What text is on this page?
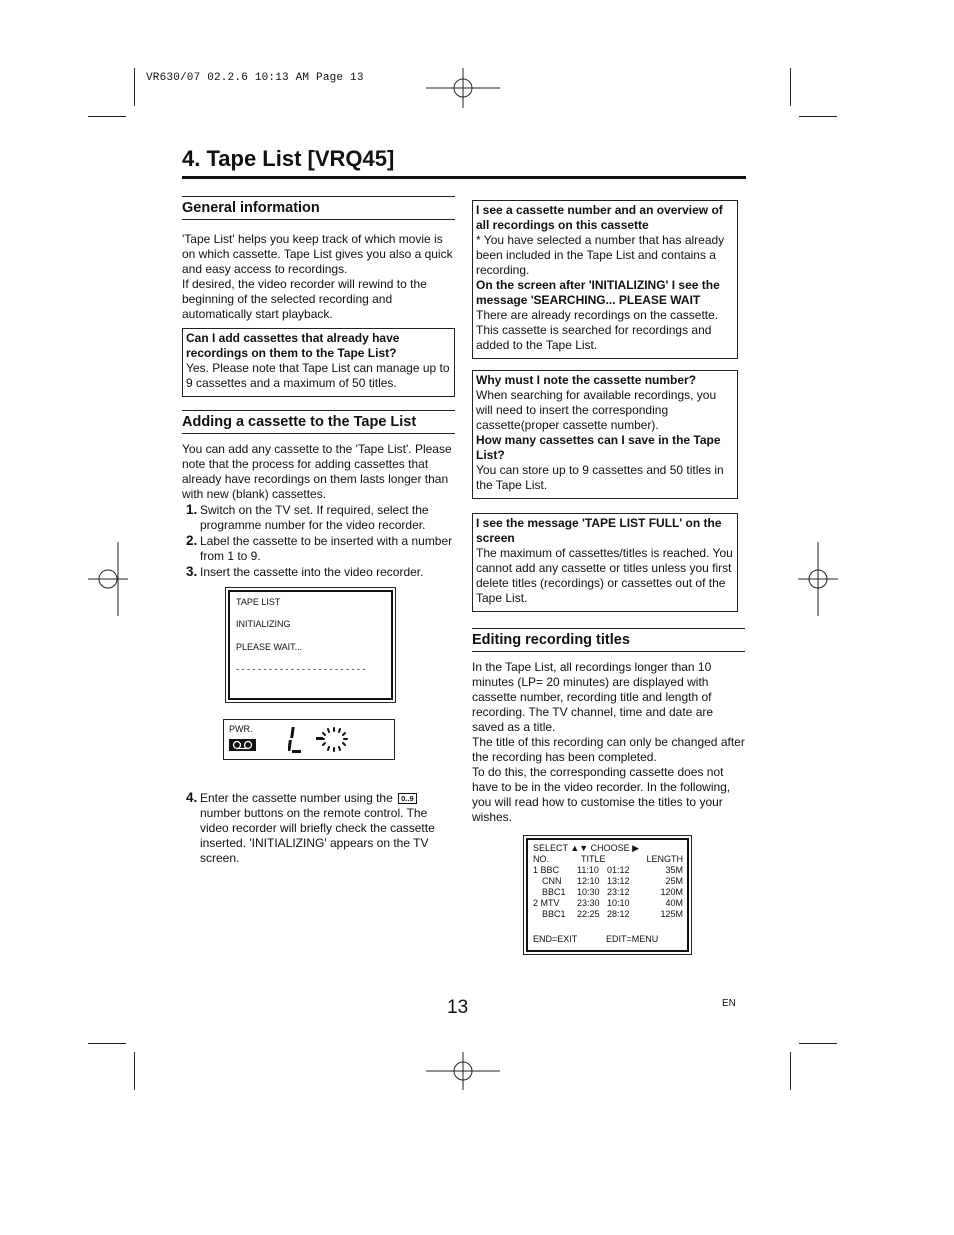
VR630/07 02.2.6 10:13 AM Page 13
4. Tape List [VRQ45]
General information

'Tape List' helps you keep track of which movie is on which cassette. Tape List gives you also a quick and easy access to recordings.

If desired, the video recorder will rewind to the beginning of the selected recording and automatically start playback.

Can I add cassettes that already have recordings on them to the Tape List?
Yes. Please note that Tape List can manage up to 9 cassettes and a maximum of 50 titles.
Adding a cassette to the Tape List

You can add any cassette to the 'Tape List'. Please note that the process for adding cassettes that already have recordings on them lasts longer than with new (blank) cassettes.

1. Switch on the TV set. If required, select the programme number for the video recorder.

2. Label the cassette to be inserted with a number from 1 to 9.

3. Insert the cassette into the video recorder.

TAPE LIST
INITIALIZING
PLEASE WAIT...
- - - - - - - - - - - - - - - - - - - - - - - -
PWR.

4. Enter the cassette number using the 0..9 number buttons on the remote control. The video recorder will briefly check the cassette inserted. 'INITIALIZING' appears on the TV screen.

I see a cassette number and an overview of all recordings on this cassette
* You have selected a number that has already been included in the Tape List and contains a recording.
On the screen after 'INITIALIZING' I see the message 'SEARCHING... PLEASE WAIT
There are already recordings on the cassette. This cassette is searched for recordings and added to the Tape List.
Why must I note the cassette number?
When searching for available recordings, you will need to insert the corresponding cassette(proper cassette number).
How many cassettes can I save in the Tape List?
You can store up to 9 cassettes and 50 titles in the Tape List.
I see the message 'TAPE LIST FULL' on the screen
The maximum of cassettes/titles is reached. You cannot add any cassette or titles unless you first delete titles (recordings) or cassettes out of the Tape List.
Editing recording titles

In the Tape List, all recordings longer than 10 minutes (LP= 20 minutes) are displayed with cassette number, recording title and length of recording. The TV channel, time and date are saved as a title.

The title of this recording can only be changed after the recording has been completed.

To do this, the corresponding cassette does not have to be in the video recorder. In the following, you will read how to customise the titles to your wishes.

SELECT ▲▼ CHOOSE ▶
NO.	TITLE		LENGTH
1 BBC	11:10	01:12		35M
CNN	12:10	13:12		25M
BBC1	10:30	23:12		120M
2 MTV	23:30	10:10		40M
BBC1	22:25	28:12		125M
END=EXIT	EDIT=MENU
13	EN
